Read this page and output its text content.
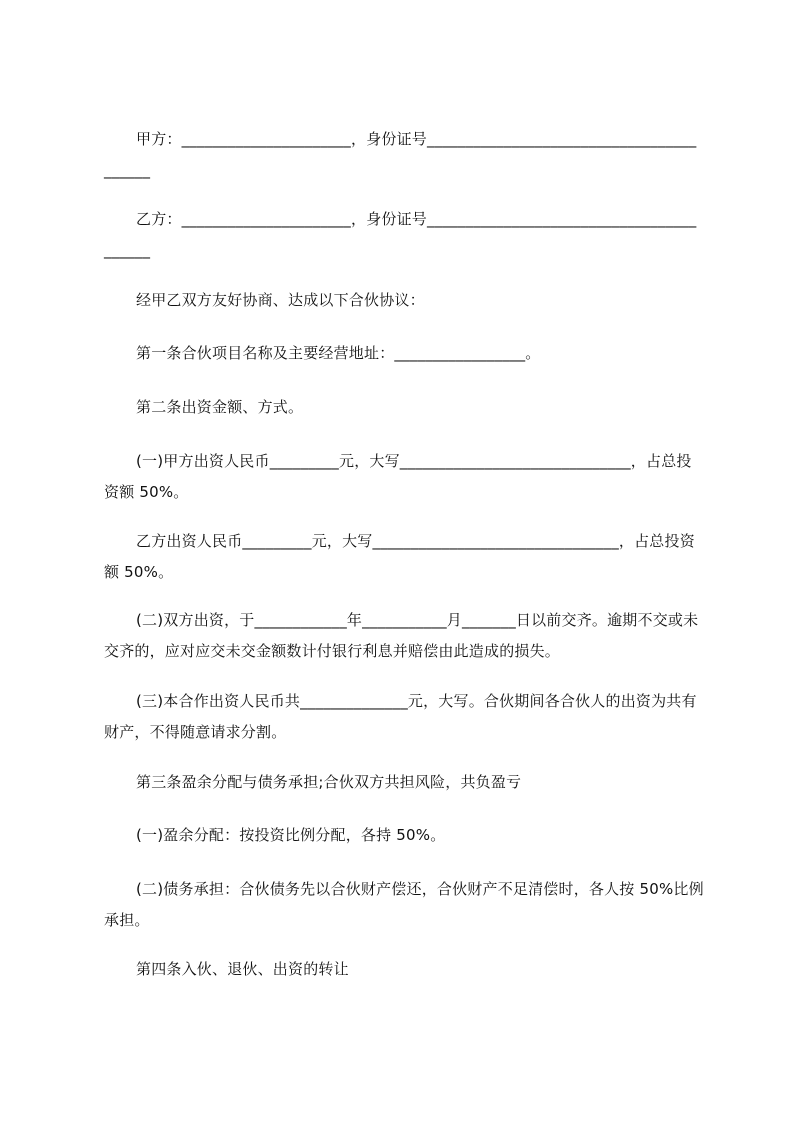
甲方：______________________，身份证号_________________________________________
乙方：______________________，身份证号_________________________________________
经甲乙双方友好协商、达成以下合伙协议：
第一条合伙项目名称及主要经营地址：_________________。
第二条出资金额、方式。
(一)甲方出资人民币_________元，大写______________________________，占总投资额 50%。
乙方出资人民币_________元，大写________________________________，占总投资额 50%。
(二)双方出资，于____________年___________月_______日以前交齐。逾期不交或未交齐的，应对应交未交金额数计付银行利息并赔偿由此造成的损失。
(三)本合作出资人民币共______________元，大写。合伙期间各合伙人的出资为共有财产，不得随意请求分割。
第三条盈余分配与债务承担;合伙双方共担风险，共负盈亏
(一)盈余分配：按投资比例分配，各持 50%。
(二)债务承担：合伙债务先以合伙财产偿还，合伙财产不足清偿时，各人按 50%比例承担。
第四条入伙、退伙、出资的转让
